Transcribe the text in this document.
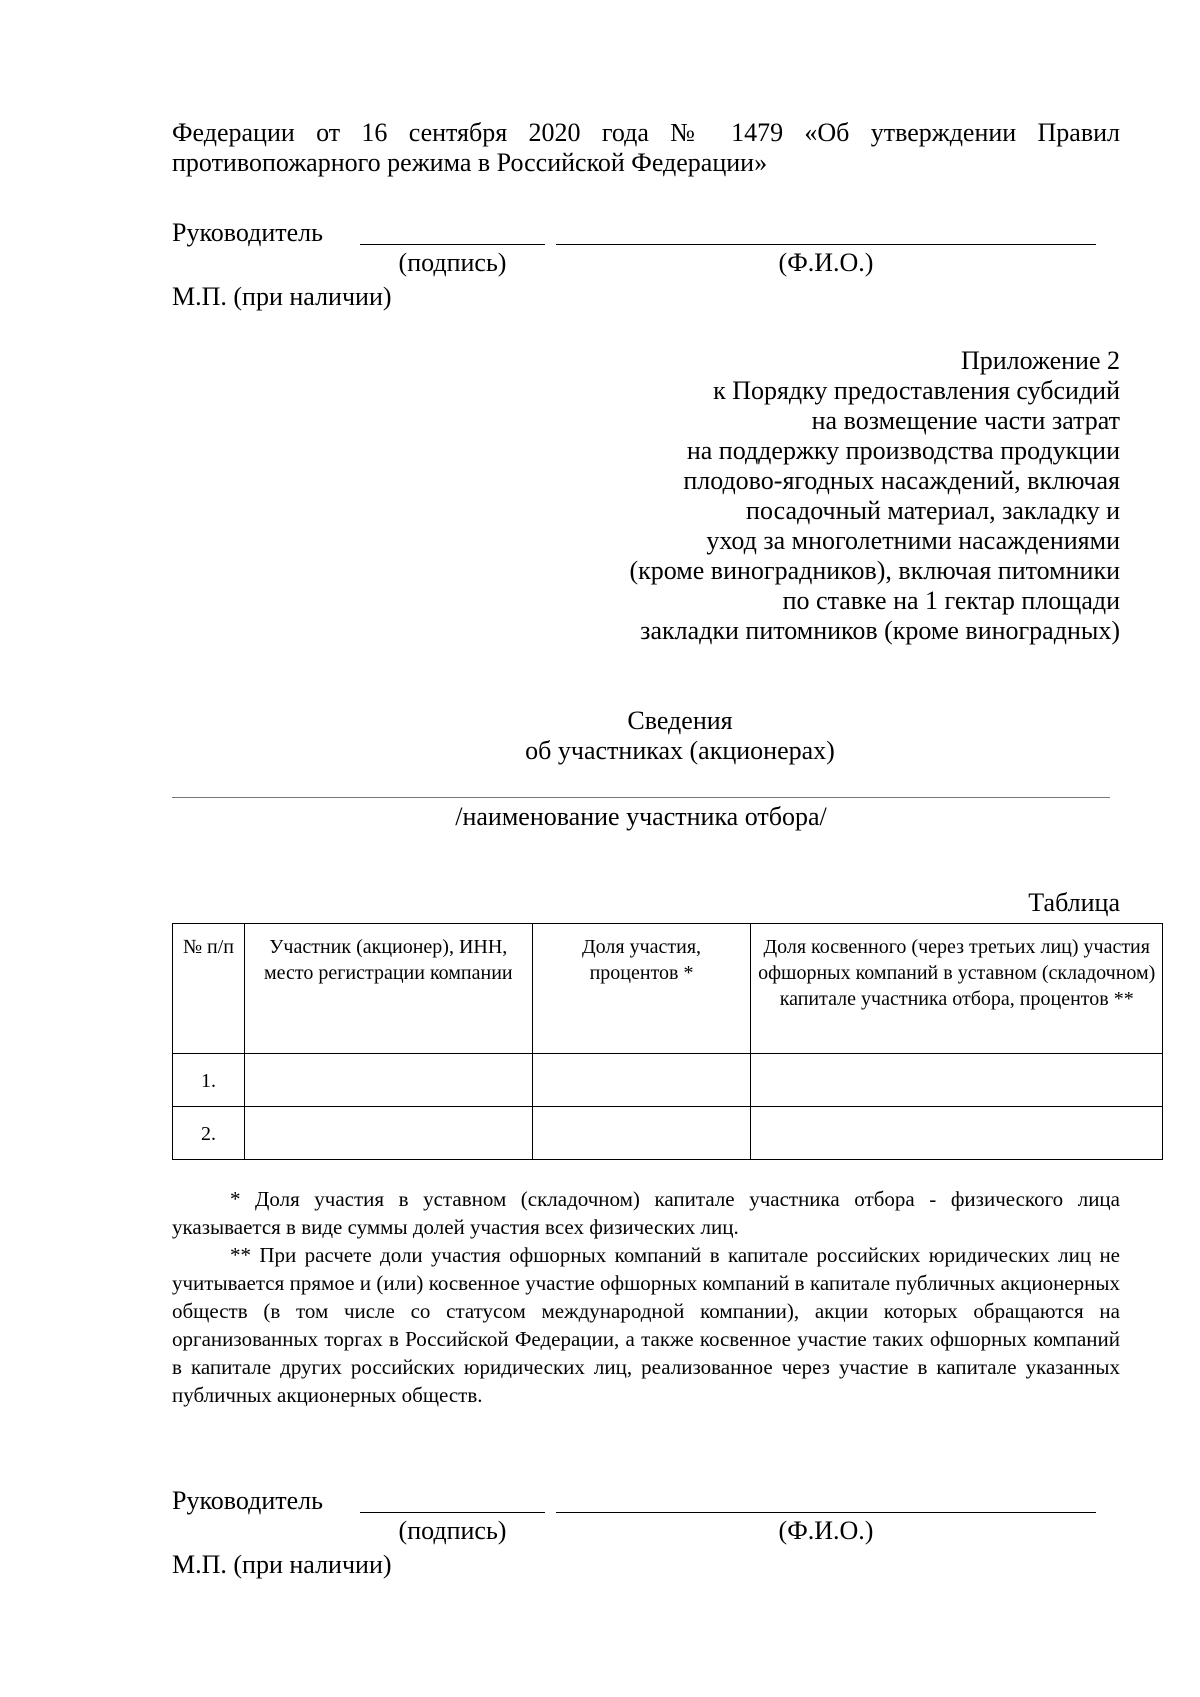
Федерации от 16 сентября 2020 года № 1479 «Об утверждении Правил
противопожарного режима в Российской Федерации»
Руководитель
(подпись)	(Ф.И.О.)
М.П. (при наличии)
Приложение 2
к Порядку предоставления субсидий
на возмещение части затрат
на поддержку производства продукции
плодово-ягодных насаждений, включая
посадочный материал, закладку и
уход за многолетними насаждениями
(кроме виноградников), включая питомники
по ставке на 1 гектар площади
закладки питомников (кроме виноградных)
Сведения
об участниках (акционерах)
/наименование участника отбора/
Таблица
№ п/п	Участник (акционер), ИНН, место регистрации компании	Доля участия, процентов *	Доля косвенного (через третьих лиц) участия офшорных компаний в уставном (складочном) капитале участника отбора, процентов **
1.			
2.			

* Доля участия в уставном (складочном) капитале участника отбора - физического лица указывается в виде суммы долей участия всех физических лиц.

** При расчете доли участия офшорных компаний в капитале российских юридических лиц не учитывается прямое и (или) косвенное участие офшорных компаний в капитале публичных акционерных обществ (в том числе со статусом международной компании), акции которых обращаются на организованных торгах в Российской Федерации, а также косвенное участие таких офшорных компаний в капитале других российских юридических лиц, реализованное через участие в капитале указанных публичных акционерных обществ.

Руководитель
(подпись)	(Ф.И.О.)
М.П. (при наличии)
